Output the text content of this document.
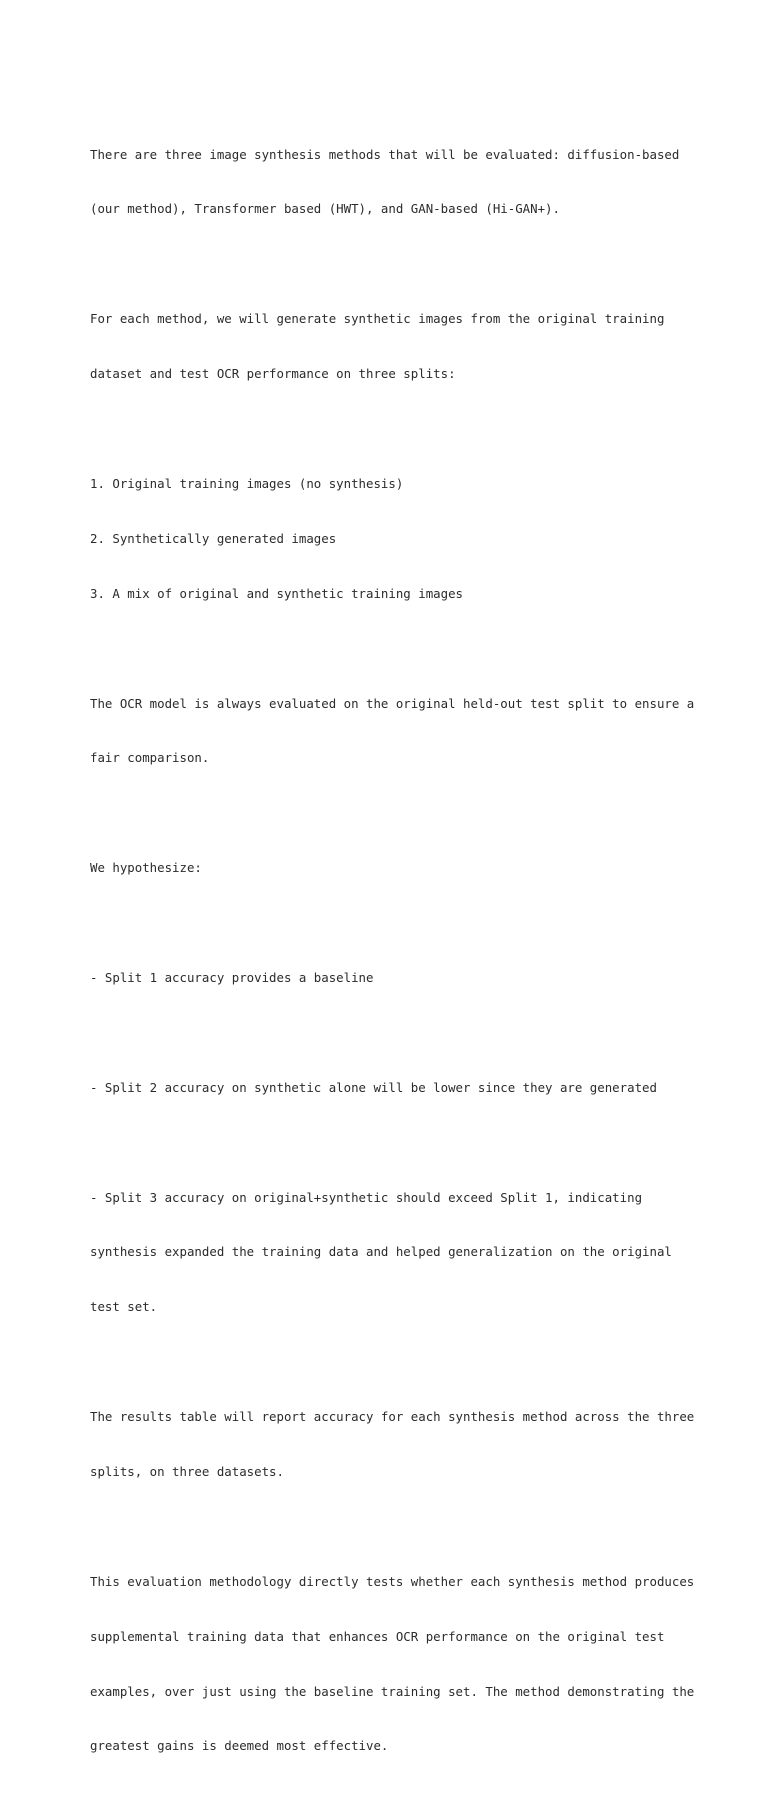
There are three image synthesis methods that will be evaluated: diffusion-based

(our method), Transformer based (HWT), and GAN-based (Hi-GAN+).

For each method, we will generate synthetic images from the original training

dataset and test OCR performance on three splits:

1. Original training images (no synthesis)

2. Synthetically generated images

3. A mix of original and synthetic training images

The OCR model is always evaluated on the original held-out test split to ensure a

fair comparison.

We hypothesize:

- Split 1 accuracy provides a baseline

- Split 2 accuracy on synthetic alone will be lower since they are generated

- Split 3 accuracy on original+synthetic should exceed Split 1, indicating

synthesis expanded the training data and helped generalization on the original

test set.

The results table will report accuracy for each synthesis method across the three

splits, on three datasets.

This evaluation methodology directly tests whether each synthesis method produces

supplemental training data that enhances OCR performance on the original test

examples, over just using the baseline training set. The method demonstrating the

greatest gains is deemed most effective.
